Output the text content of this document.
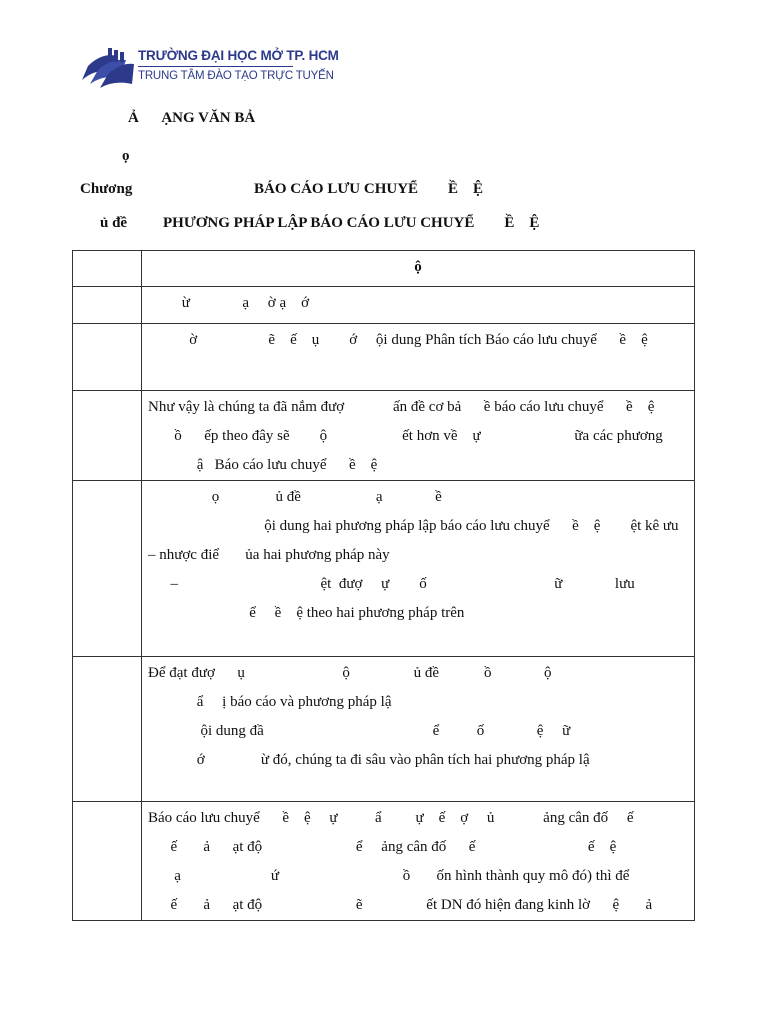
TRƯỜNG ĐẠI HỌC MỞ TP. HCM
TRUNG TÂM ĐÀO TẠO TRỰC TUYẾN
Ả      ẠNG VĂN BẢ
ọ
Chương	BÁO CÁO LƯU CHUYỂ        Ề    Ệ
ủ đề PHƯƠNG PHÁP LẬP BÁO CÁO LƯU CHUYỂ        Ề    Ệ

	ộ

	ừ              ạ     ờ ạ    ớ

	ờ                   ẽ    ế    ụ        ớ     ội dung Phân tích Báo cáo lưu chuyể      ề    ệ

	Như vậy là chúng ta đã nắm đượ             ấn đề cơ bả      ề báo cáo lưu chuyể      ề    ệ
ồ      ếp theo đây sẽ        ộ                    ết hơn về    ự                         ữa các phương
ậ   Báo cáo lưu chuyể      ề    ệ

	ọ               ủ đề                    ạ              ề
ội dung hai phương pháp lập báo cáo lưu chuyể      ề    ệ        ệt kê ưu
– nhược điể       ủa hai phương pháp này
–                                      ệt  đượ     ự        ố                                  ữ              lưu
ể     ề    ệ theo hai phương pháp trên

	Để đạt đượ      ụ                          ộ                 ủ đề            ồ              ộ
ẩ     ị báo cáo và phương pháp lậ
ội dung đầ                                             ể          ố              ệ     ữ
ớ               ừ đó, chúng ta đi sâu vào phân tích hai phương pháp lậ

	Báo cáo lưu chuyể      ề    ệ     ự          ẩ         ự    ế    ợ     ủ             ảng cân đố     ế
ế       ả      ạt độ                         ể     ảng cân đố      ế                              ế    ệ
ạ                        ứ                                 ồ       ốn hình thành quy mô đó) thì để
ế       ả      ạt độ                         ẽ                 ết DN đó hiện đang kinh lờ      ệ       ả
